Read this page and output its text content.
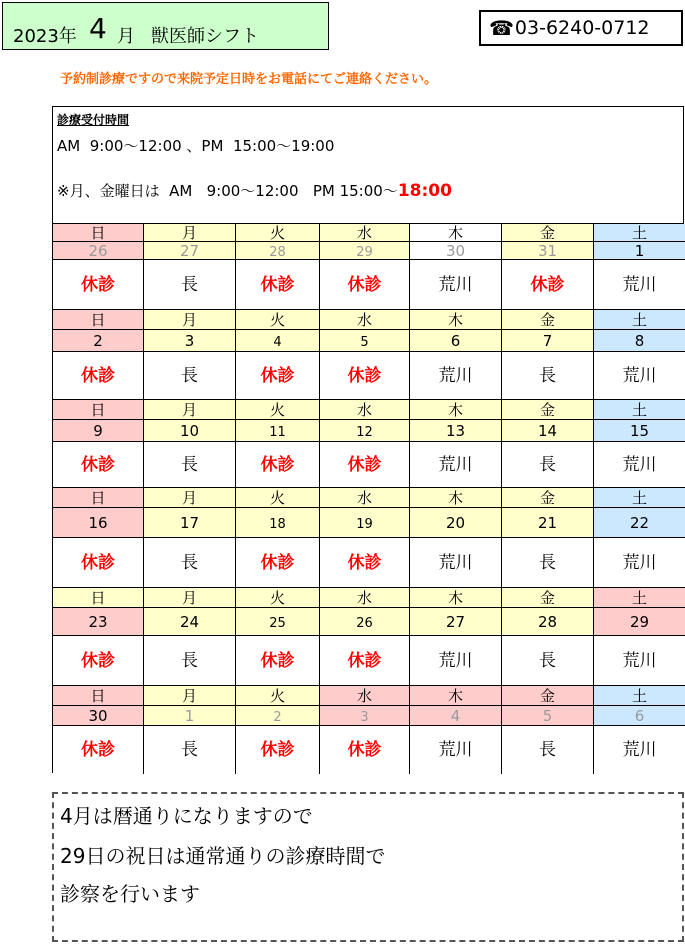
2023年 4 月 獣医師シフト	☎ 03-6240-0712
予約制診療ですので来院予定日時をお電話にてご連絡ください。
診療受付時間
AM  9:00〜12:00 、PM  15:00〜19:00
※月、金曜日は  AM   9:00〜12:00   PM 15:00〜18:00
日
26
休診
月
27
長
火
28
休診
水
29
休診
木
30
荒川
金
31
休診
土
1
荒川
日
2
休診
月
3
長
火
4
休診
水
5
休診
木
6
荒川
金
7
長
土
8
荒川
日
9
休診
月
10
長
火
11
休診
水
12
休診
木
13
荒川
金
14
長
土
15
荒川
日
16
休診
月
17
長
火
18
休診
水
19
休診
木
20
荒川
金
21
長
土
22
荒川
日
23
休診
月
24
長
火
25
休診
水
26
休診
木
27
荒川
金
28
長
土
29
荒川
日
30
休診
月
1
長
火
2
休診
水
3
休診
木
4
荒川
金
5
長
土
6
荒川
4月は暦通りになりますので
29日の祝日は通常通りの診療時間で
診察を行います
